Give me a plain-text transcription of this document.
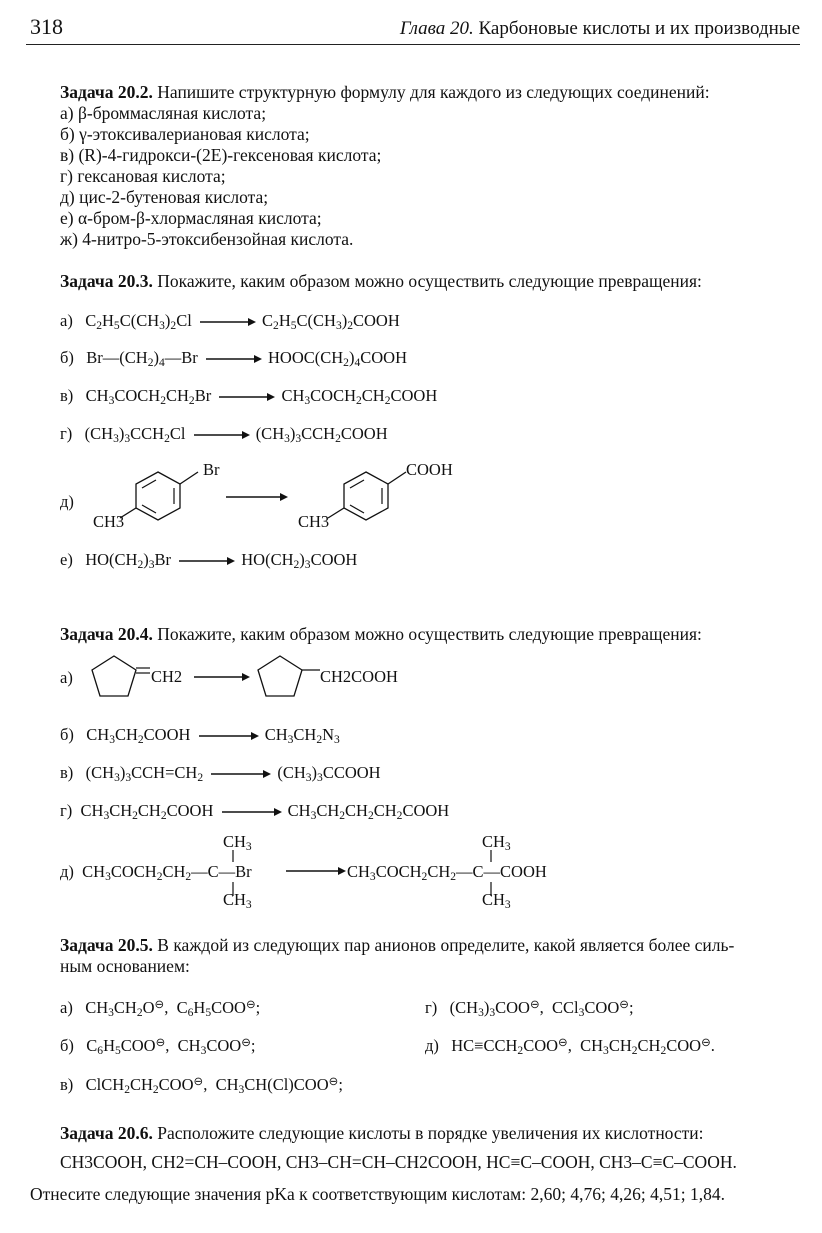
318	Глава 20. Карбоновые кислоты и их производные
Задача 20.2. Напишите структурную формулу для каждого из следующих соединений:
а) β-броммасляная кислота;
б) γ-этоксивалериановая кислота;
в) (R)-4-гидрокси-(2E)-гексеновая кислота;
г) гексановая кислота;
д) цис-2-бутеновая кислота;
е) α-бром-β-хлормасляная кислота;
ж) 4-нитро-5-этоксибензойная кислота.
Задача 20.3. Покажите, каким образом можно осуществить следующие превращения:
а)   $C_2H_5C(CH_3)_2Cl$ → $C_2H_5C(CH_3)_2COOH$
б)   $Br—(CH_2)_4—Br$ → $HOOC(CH_2)_4COOH$
в)   $CH_3COCH_2CH_2Br$ → $CH_3COCH_2CH_2COOH$
г)   $(CH_3)_3CCH_2Cl$ → $(CH_3)_3CCH_2COOH$
д)
Br
CH3
COOH
CH3
е)   $HO(CH_2)_3Br$ → $HO(CH_2)_3COOH$
Задача 20.4. Покажите, каким образом можно осуществить следующие превращения:
а)	CH2 →	CH2COOH
б)   $CH_3CH_2COOH \to CH_3CH_2N_3$
в)   $(CH_3)_3CCH=CH_2$ → $(CH_3)_3CCOOH$
г)  $CH_3CH_2CH_2COOH$ → $CH_3CH_2CH_2CH_2COOH$
$CH_3$
д)  $CH_3COCH_2CH_2—C—Br$
$CH_3$
$CH_3$
$CH_3COCH_2CH_2—C—COOH$
$CH_3$
Задача 20.5. В каждой из следующих пар анионов определите, какой является более силь-
ным основанием:
а)   $CH_3CH_2O^⊖$,  $C_6H_5COO^⊖$;	г)   $(CH_3)_3COO^⊖$,  CCl$_3$COO⊖;
б)   $C_6H_5COO^⊖$,  $CH_3COO^⊖$;	д)   $HC\equiv CCH_2COO^⊖$,  $CH_3CH_2CH_2COO^⊖$.
в)   $ClCH_2CH_2COO^⊖$,  $CH_3CH(Cl)COO^⊖$;
Задача 20.6. Расположите следующие кислоты в порядке увеличения их кислотности:
CH3COOH, CH2=CH–COOH, CH3–CH=CH–CH2COOH, HC≡C–COOH, CH3–C≡C–COOH.
Отнесите следующие значения pKa к соответствующим кислотам: 2,60; 4,76; 4,26; 4,51; 1,84.
